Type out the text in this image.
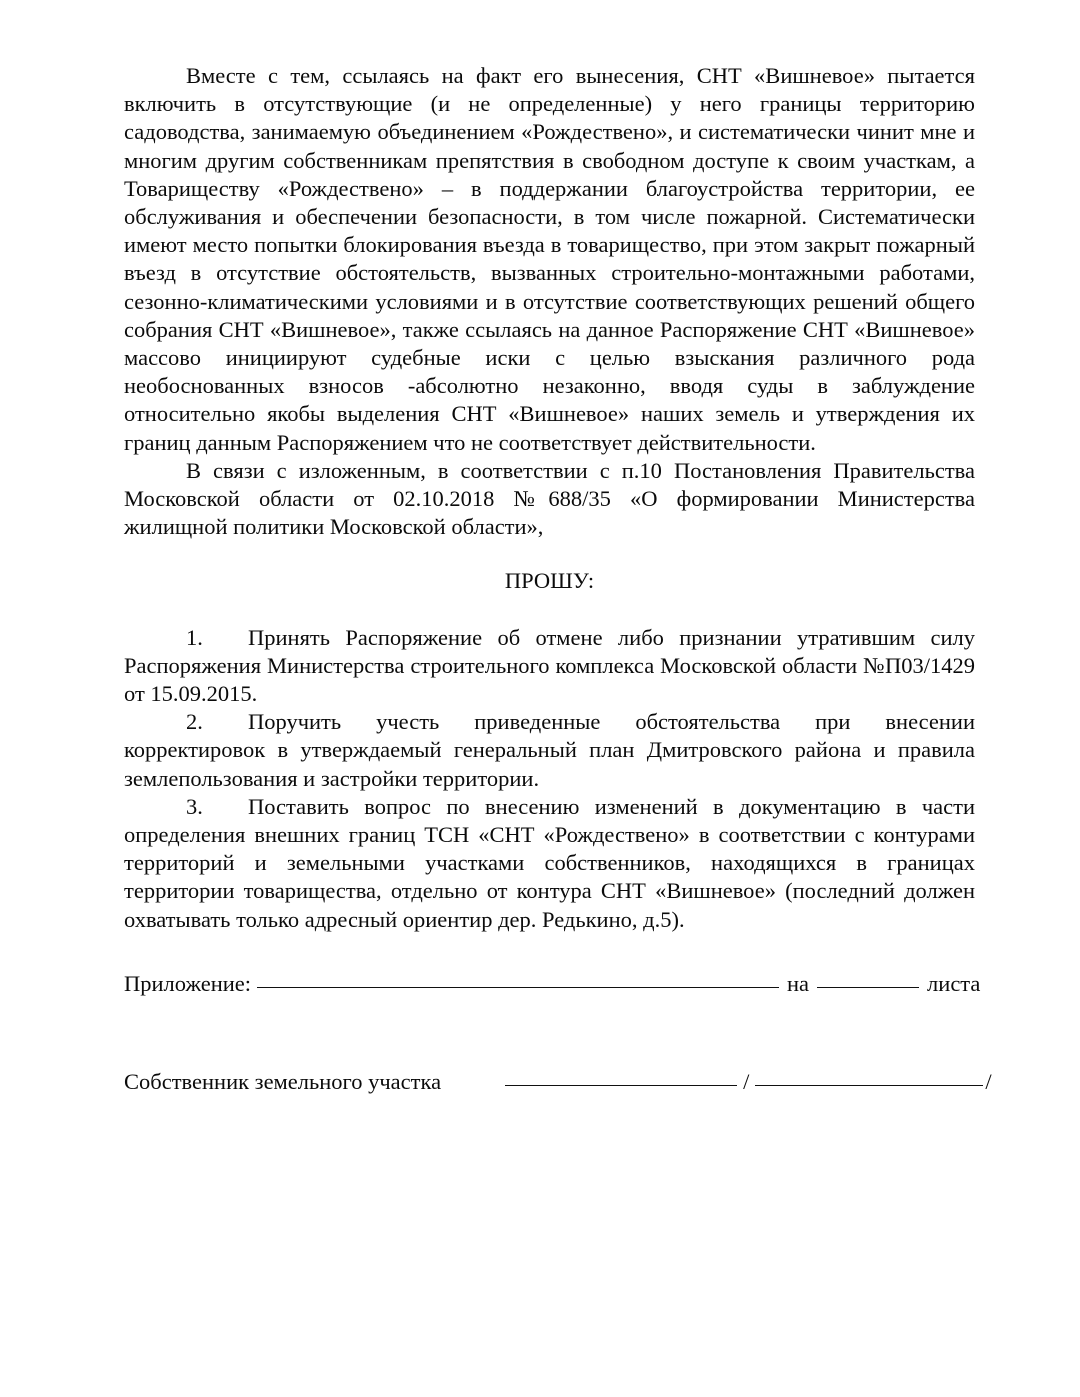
Вместе с тем, ссылаясь на факт его вынесения, СНТ «Вишневое» пытается включить в отсутствующие (и не определенные) у него границы территорию садоводства, занимаемую объединением «Рождествено», и систематически чинит мне и многим другим собственникам препятствия в свободном доступе к своим участкам, а Товариществу «Рождествено» – в поддержании благоустройства территории, ее обслуживания и обеспечении безопасности, в том числе пожарной. Систематически имеют место попытки блокирования въезда в товарищество, при этом закрыт пожарный въезд в отсутствие обстоятельств, вызванных строительно-монтажными работами, сезонно-климатическими условиями и в отсутствие соответствующих решений общего собрания СНТ «Вишневое», также ссылаясь на данное Распоряжение СНТ «Вишневое» массово инициируют судебные иски с целью взыскания различного рода необоснованных взносов -абсолютно незаконно, вводя суды в заблуждение относительно якобы выделения СНТ «Вишневое» наших земель и утверждения их границ данным Распоряжением что не соответствует действительности.

В связи с изложенным, в соответствии с п.10 Постановления Правительства Московской области от 02.10.2018 №688/35 «О формировании Министерства жилищной политики Московской области»,

ПРОШУ:

1. Принять Распоряжение об отмене либо признании утратившим силу Распоряжения Министерства строительного комплекса Московской области №П03/1429 от 15.09.2015.
2. Поручить учесть приведенные обстоятельства при внесении корректировок в утверждаемый генеральный план Дмитровского района и правила землепользования и застройки территории.
3. Поставить вопрос по внесению изменений в документацию в части определения внешних границ ТСН «СНТ «Рождествено» в соответствии с контурами территорий и земельными участками собственников, находящихся в границах территории товарищества, отдельно от контура СНТ «Вишневое» (последний должен охватывать только адресный ориентир дер. Редькино, д.5).

Приложение:	на	листа

Собственник земельного участка	/	/
